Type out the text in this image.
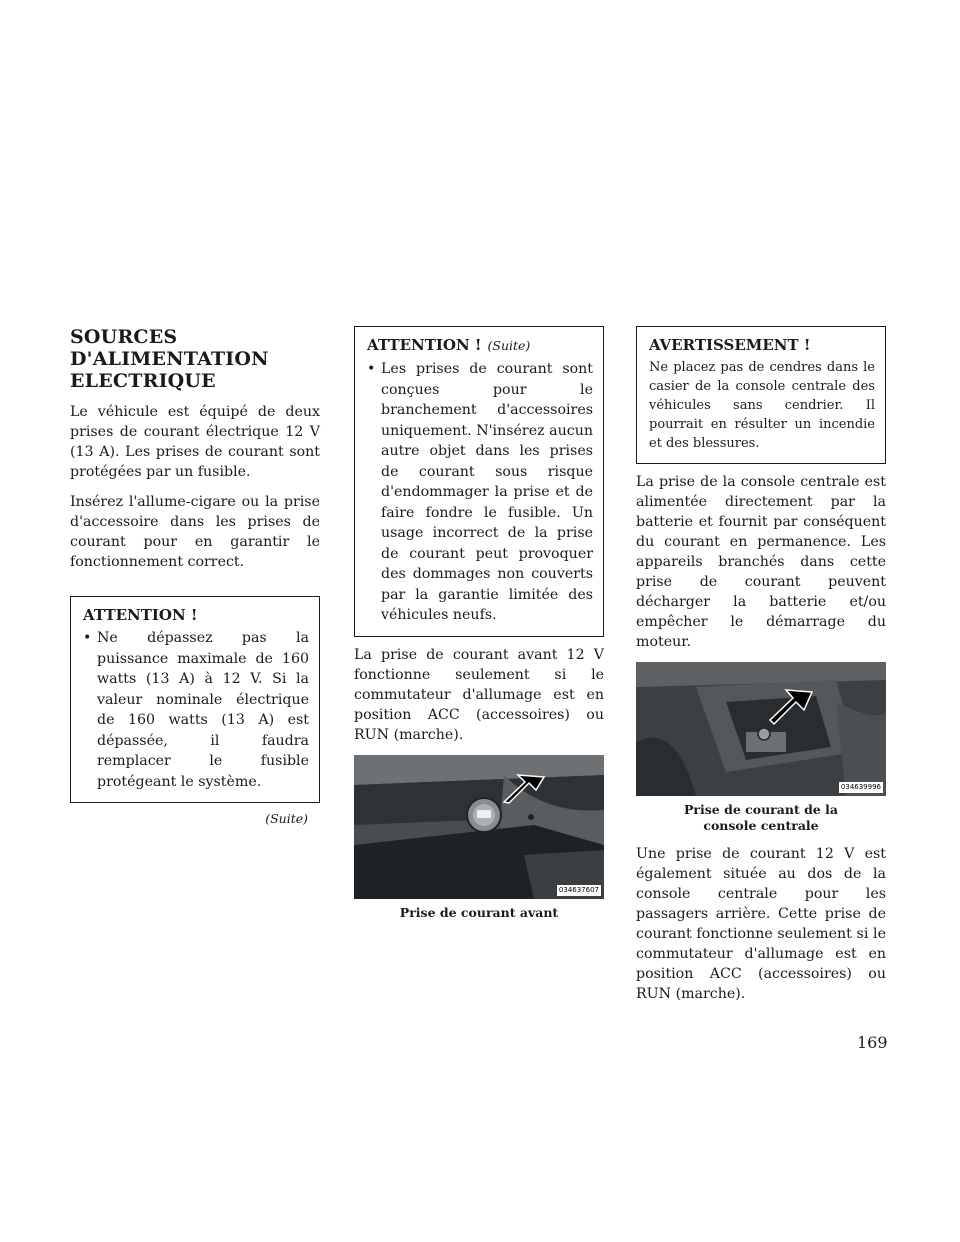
SOURCES D'ALIMENTATION ELECTRIQUE

Le véhicule est équipé de deux prises de courant électrique 12 V (13 A). Les prises de courant sont protégées par un fusible.

Insérez l'allume-cigare ou la prise d'accessoire dans les prises de courant pour en garantir le fonctionnement correct.

ATTENTION !
• Ne dépassez pas la puissance maximale de 160 watts (13 A) à 12 V. Si la valeur nominale électrique de 160 watts (13 A) est dépassée, il faudra remplacer le fusible protégeant le système.
(Suite)
ATTENTION ! (Suite)
• Les prises de courant sont conçues pour le branchement d'accessoires uniquement. N'insérez aucun autre objet dans les prises de courant sous risque d'endommager la prise et de faire fondre le fusible. Un usage incorrect de la prise de courant peut provoquer des dommages non couverts par la garantie limitée des véhicules neufs.

La prise de courant avant 12 V fonctionne seulement si le commutateur d'allumage est en position ACC (accessoires) ou RUN (marche).

034637607
Prise de courant avant
AVERTISSEMENT !

Ne placez pas de cendres dans le casier de la console centrale des véhicules sans cendrier. Il pourrait en résulter un incendie et des blessures.

La prise de la console centrale est alimentée directement par la batterie et fournit par conséquent du courant en permanence. Les appareils branchés dans cette prise de courant peuvent décharger la batterie et/ou empêcher le démarrage du moteur.

034639996
Prise de courant de la console centrale

Une prise de courant 12 V est également située au dos de la console centrale pour les passagers arrière. Cette prise de courant fonctionne seulement si le commutateur d'allumage est en position ACC (accessoires) ou RUN (marche).

169
